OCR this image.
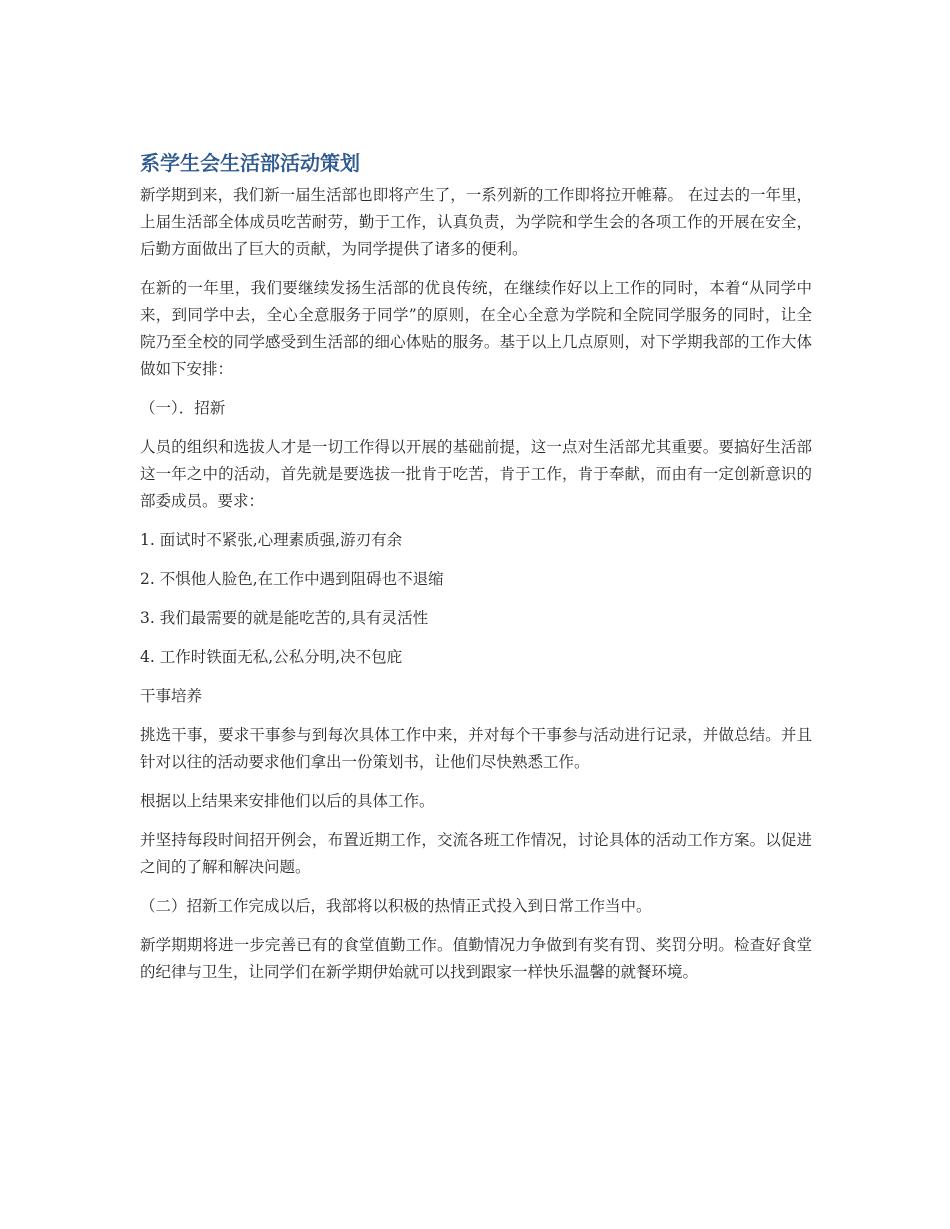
系学生会生活部活动策划

新学期到来，我们新一届生活部也即将产生了，一系列新的工作即将拉开帷幕。 在过去的一年里，上届生活部全体成员吃苦耐劳，勤于工作，认真负责，为学院和学生会的各项工作的开展在安全，后勤方面做出了巨大的贡献，为同学提供了诸多的便利。

在新的一年里，我们要继续发扬生活部的优良传统，在继续作好以上工作的同时，本着“从同学中来，到同学中去，全心全意服务于同学”的原则，在全心全意为学院和全院同学服务的同时，让全院乃至全校的同学感受到生活部的细心体贴的服务。基于以上几点原则，对下学期我部的工作大体做如下安排：

（一）．招新

人员的组织和选拔人才是一切工作得以开展的基础前提，这一点对生活部尤其重要。要搞好生活部这一年之中的活动，首先就是要选拔一批肯于吃苦，肯于工作，肯于奉献，而由有一定创新意识的部委成员。要求：

1. 面试时不紧张,心理素质强,游刃有余

2. 不惧他人脸色,在工作中遇到阻碍也不退缩

3. 我们最需要的就是能吃苦的,具有灵活性

4. 工作时铁面无私,公私分明,决不包庇

干事培养

挑选干事，要求干事参与到每次具体工作中来，并对每个干事参与活动进行记录，并做总结。并且针对以往的活动要求他们拿出一份策划书，让他们尽快熟悉工作。

根据以上结果来安排他们以后的具体工作。

并坚持每段时间招开例会，布置近期工作，交流各班工作情况，讨论具体的活动工作方案。以促进之间的了解和解决问题。

（二）招新工作完成以后，我部将以积极的热情正式投入到日常工作当中。

新学期期将进一步完善已有的食堂值勤工作。值勤情况力争做到有奖有罚、奖罚分明。检查好食堂的纪律与卫生，让同学们在新学期伊始就可以找到跟家一样快乐温馨的就餐环境。
